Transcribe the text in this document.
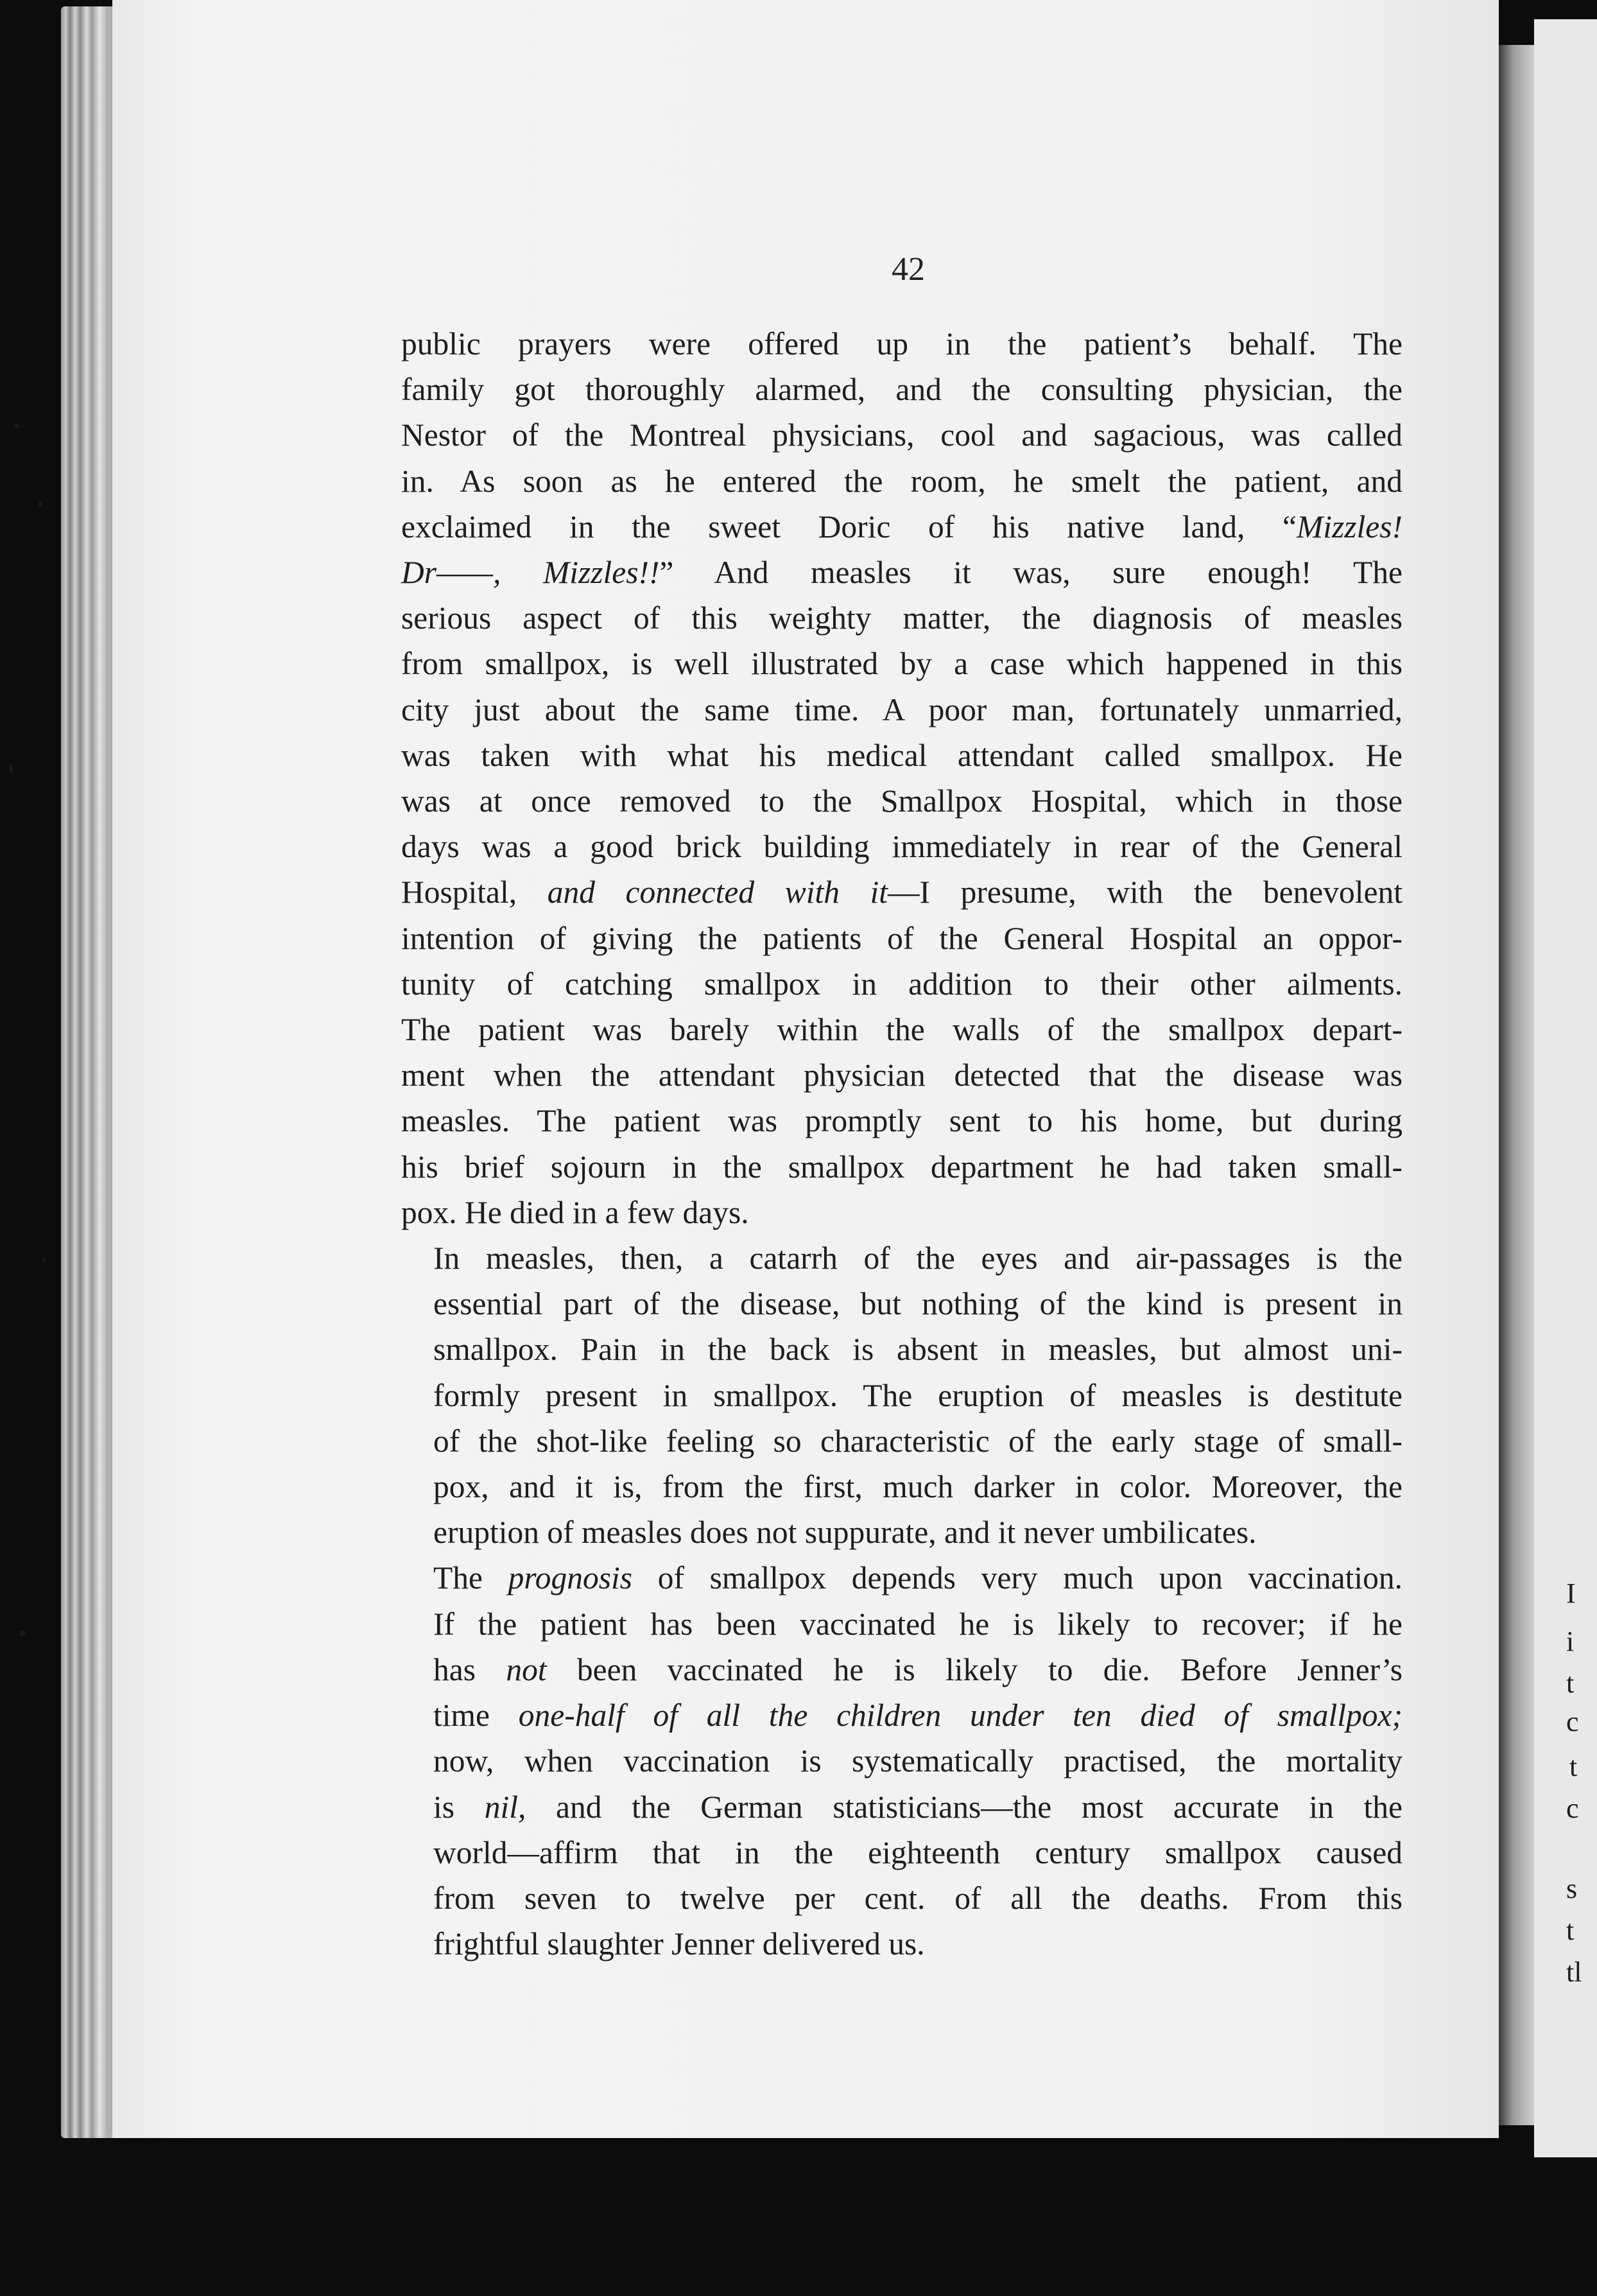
I
i
t
c
t
c
s
t
tl
42

public prayers were offered up in the patient’s behalf. The
family got thoroughly alarmed, and the consulting physician, the
Nestor of the Montreal physicians, cool and sagacious, was called
in. As soon as he entered the room, he smelt the patient, and
exclaimed in the sweet Doric of his native land, “Mizzles!
Dr——, Mizzles!!” And measles it was, sure enough! The
serious aspect of this weighty matter, the diagnosis of measles
from smallpox, is well illustrated by a case which happened in this
city just about the same time. A poor man, fortunately unmarried,
was taken with what his medical attendant called smallpox. He
was at once removed to the Smallpox Hospital, which in those
days was a good brick building immediately in rear of the General
Hospital, and connected with it—I presume, with the benevolent
intention of giving the patients of the General Hospital an oppor-
tunity of catching smallpox in addition to their other ailments.
The patient was barely within the walls of the smallpox depart-
ment when the attendant physician detected that the disease was
measles. The patient was promptly sent to his home, but during
his brief sojourn in the smallpox department he had taken small-
pox. He died in a few days.

In measles, then, a catarrh of the eyes and air-passages is the
essential part of the disease, but nothing of the kind is present in
smallpox. Pain in the back is absent in measles, but almost uni-
formly present in smallpox. The eruption of measles is destitute
of the shot-like feeling so characteristic of the early stage of small-
pox, and it is, from the first, much darker in color. Moreover, the
eruption of measles does not suppurate, and it never umbilicates.

The prognosis of smallpox depends very much upon vaccination.
If the patient has been vaccinated he is likely to recover; if he
has not been vaccinated he is likely to die. Before Jenner’s
time one-half of all the children under ten died of smallpox;
now, when vaccination is systematically practised, the mortality
is nil, and the German statisticians—the most accurate in the
world—affirm that in the eighteenth century smallpox caused
from seven to twelve per cent. of all the deaths. From this
frightful slaughter Jenner delivered us.
